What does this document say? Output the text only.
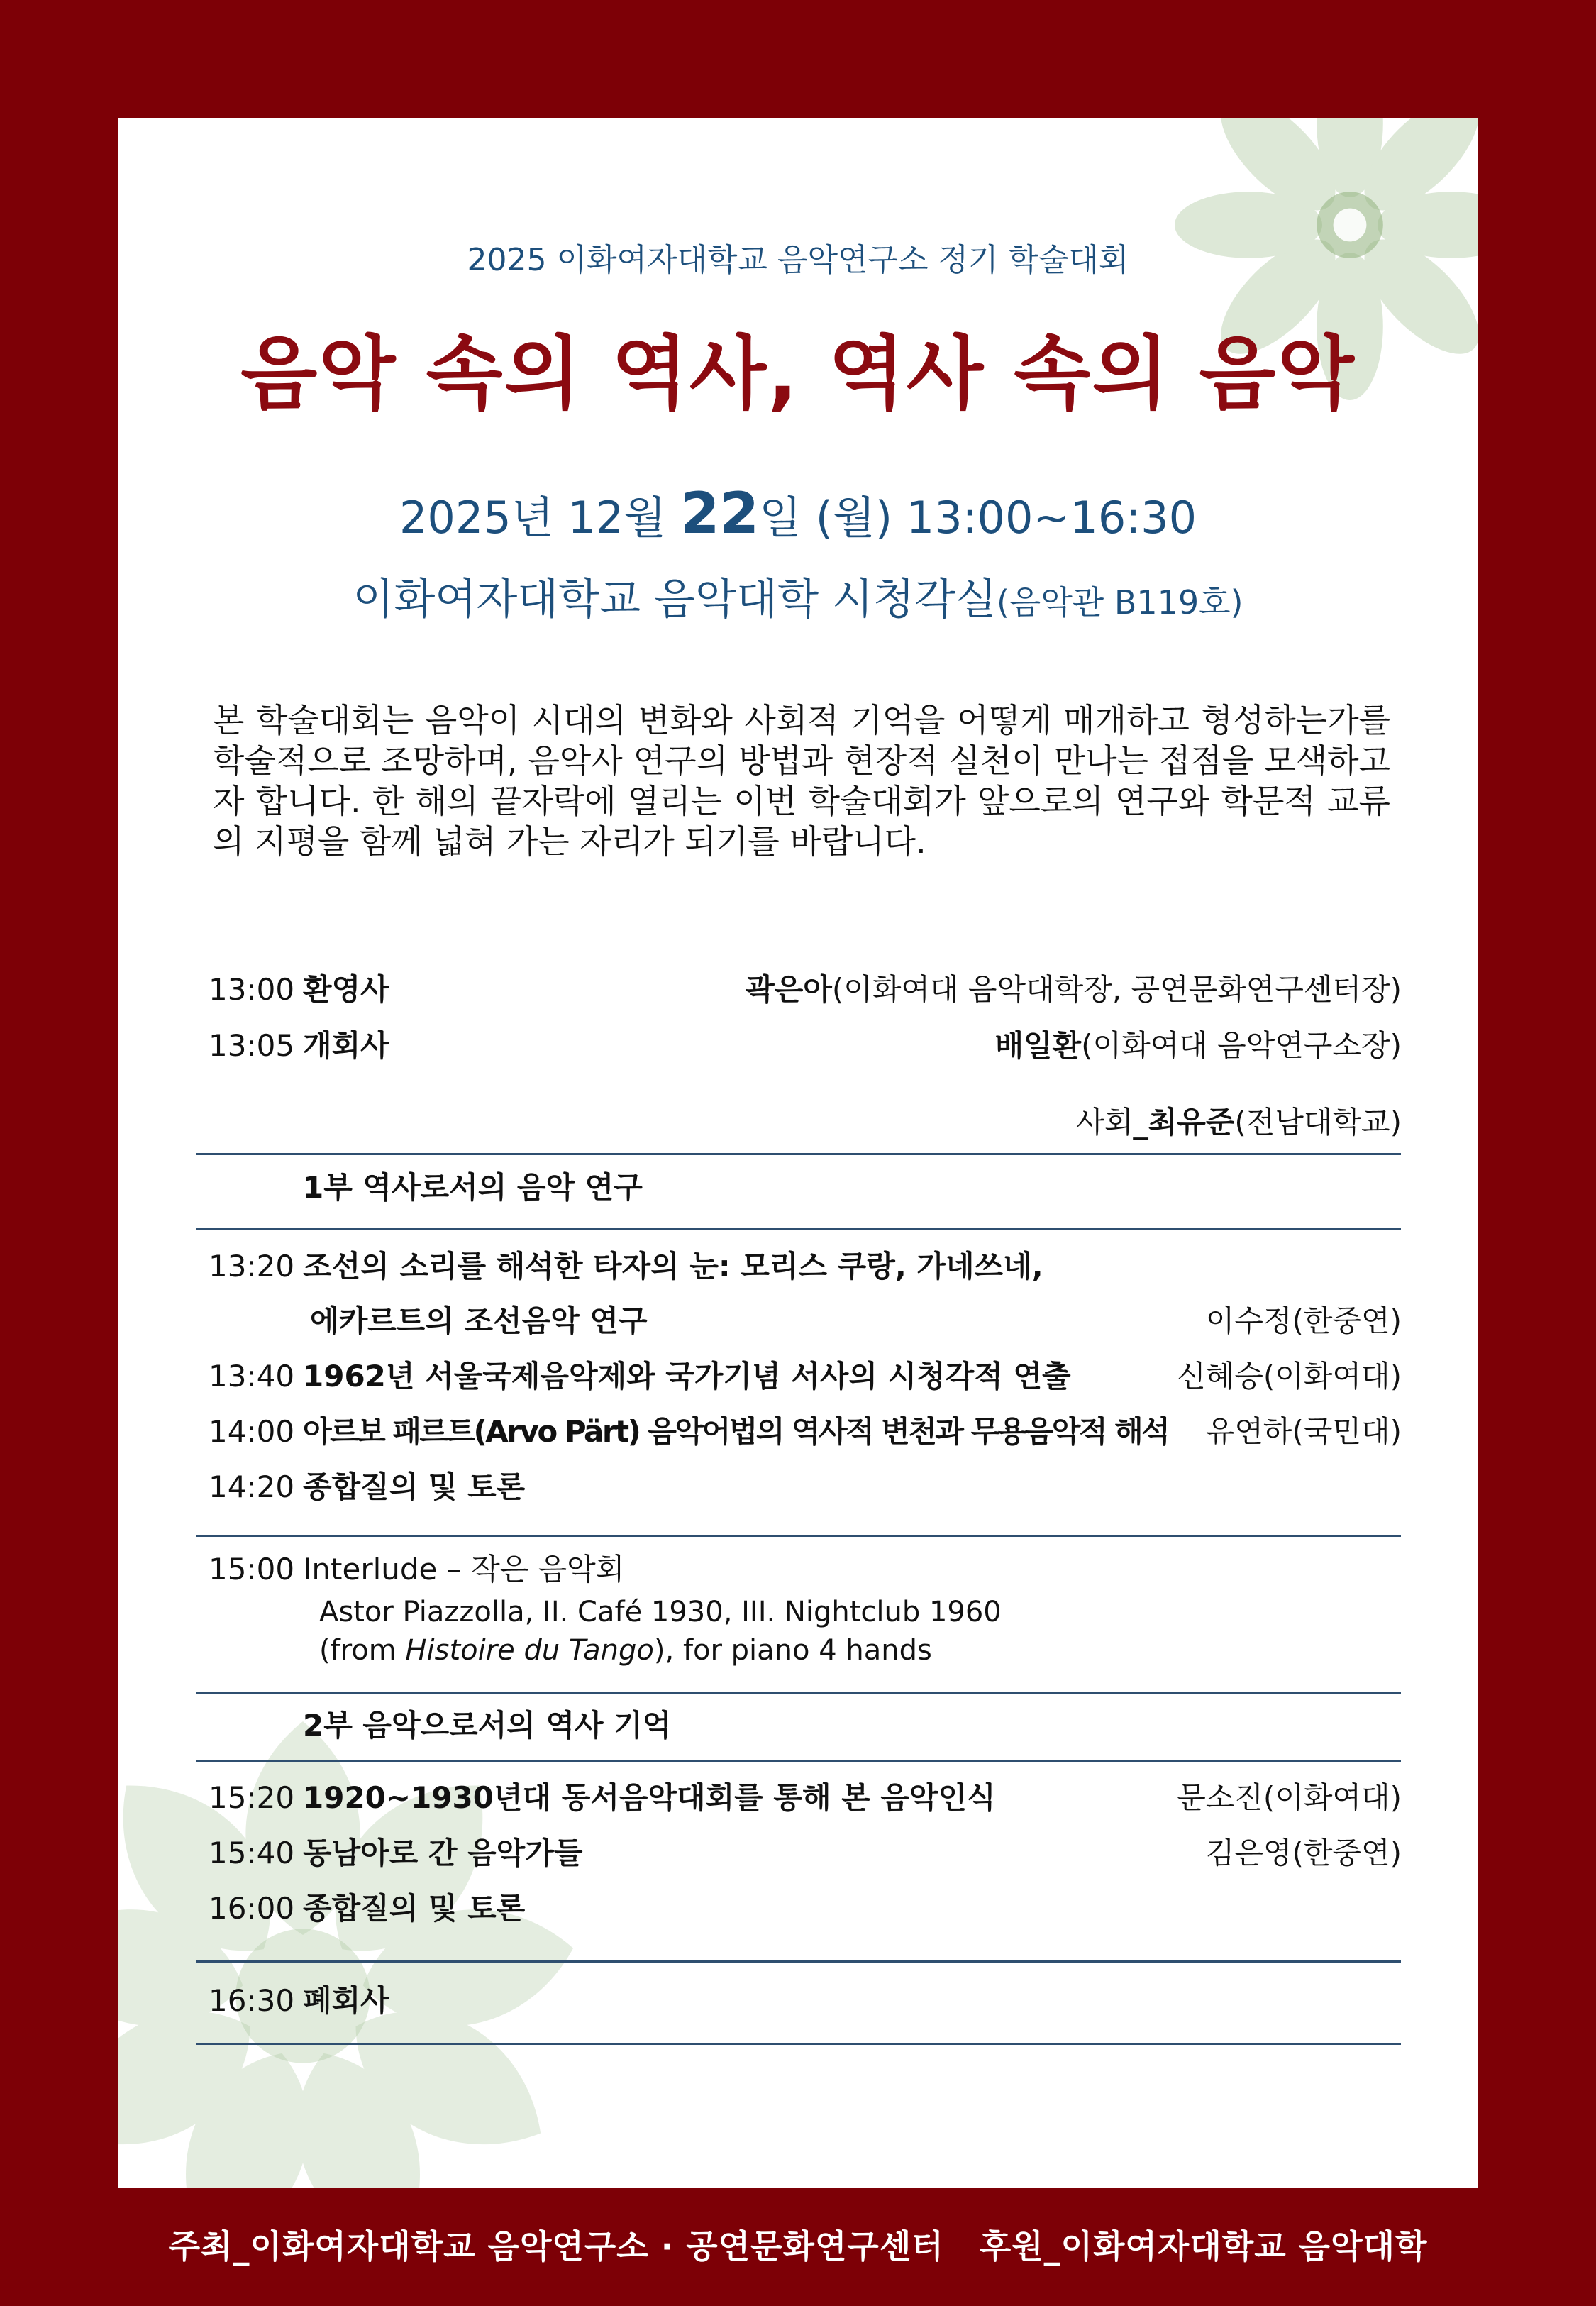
2025 이화여자대학교 음악연구소 정기 학술대회
음악 속의 역사, 역사 속의 음악
2025년 12월 22일 (월) 13:00~16:30
이화여자대학교 음악대학 시청각실(음악관 B119호)
본 학술대회는 음악이 시대의 변화와 사회적 기억을 어떻게 매개하고 형성하는가를 학술적으로 조망하며, 음악사 연구의 방법과 현장적 실천이 만나는 접점을 모색하고자 합니다. 한 해의 끝자락에 열리는 이번 학술대회가 앞으로의 연구와 학문적 교류의 지평을 함께 넓혀 가는 자리가 되기를 바랍니다.
13:00 환영사	곽은아(이화여대 음악대학장, 공연문화연구센터장)
13:05 개회사	배일환(이화여대 음악연구소장)
사회_최유준(전남대학교)
1부 역사로서의 음악 연구
13:20 조선의 소리를 해석한 타자의 눈: 모리스 쿠랑, 가네쓰네,
에카르트의 조선음악 연구	이수정(한중연)
13:40 1962년 서울국제음악제와 국가기념 서사의 시청각적 연출	신혜승(이화여대)
14:00 아르보 패르트(Arvo Pärt) 음악어법의 역사적 변천과 무용음악적 해석 유연하(국민대)
14:20 종합질의 및 토론
15:00 Interlude – 작은 음악회
Astor Piazzolla, II. Café 1930, III. Nightclub 1960
(from Histoire du Tango), for piano 4 hands
2부 음악으로서의 역사 기억
15:20 1920~1930년대 동서음악대회를 통해 본 음악인식	문소진(이화여대)
15:40 동남아로 간 음악가들	김은영(한중연)
16:00 종합질의 및 토론
16:30 폐회사
주최_이화여자대학교 음악연구소 · 공연문화연구센터 후원_이화여자대학교 음악대학
